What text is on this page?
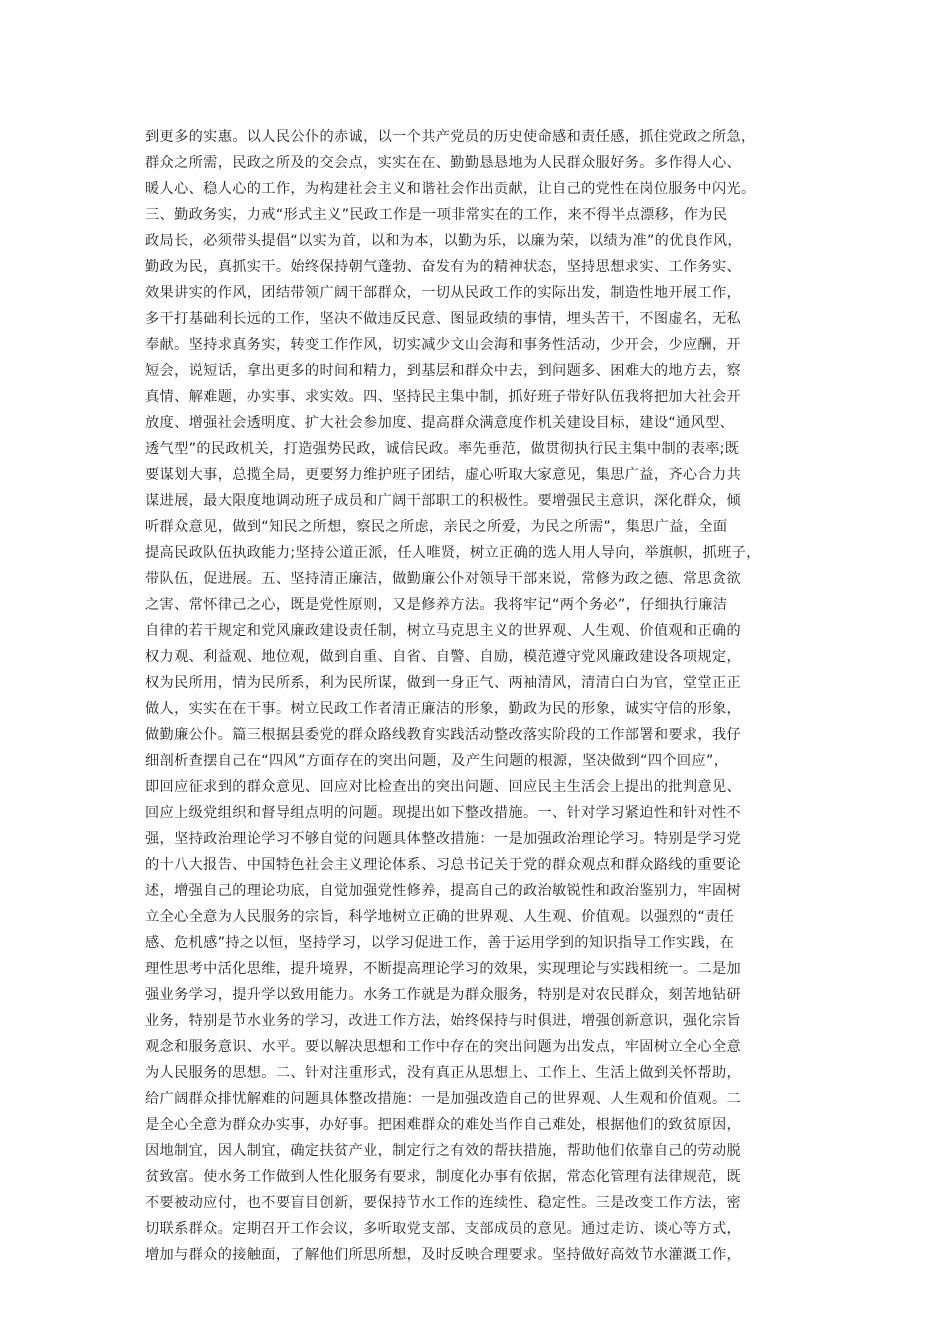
到更多的实惠。以人民公仆的赤诚，以一个共产党员的历史使命感和责任感，抓住党政之所急，
群众之所需，民政之所及的交会点，实实在在、勤勤恳恳地为人民群众服好务。多作得人心、
暖人心、稳人心的工作，为构建社会主义和谐社会作出贡献，让自己的党性在岗位服务中闪光。
三、勤政务实，力戒“形式主义”民政工作是一项非常实在的工作，来不得半点漂移，作为民
政局长，必须带头提倡“以实为首，以和为本，以勤为乐，以廉为荣，以绩为准”的优良作风，
勤政为民，真抓实干。始终保持朝气蓬勃、奋发有为的精神状态，坚持思想求实、工作务实、
效果讲实的作风，团结带领广阔干部群众，一切从民政工作的实际出发，制造性地开展工作，
多干打基础利长远的工作，坚决不做违反民意、图显政绩的事情，埋头苦干，不图虚名，无私
奉献。坚持求真务实，转变工作作风，切实减少文山会海和事务性活动，少开会，少应酬，开
短会，说短话，拿出更多的时间和精力，到基层和群众中去，到问题多、困难大的地方去，察
真情、解难题，办实事、求实效。四、坚持民主集中制，抓好班子带好队伍我将把加大社会开
放度、增强社会透明度、扩大社会参加度、提高群众满意度作机关建设目标，建设“通风型、
透气型”的民政机关，打造强势民政，诚信民政。率先垂范，做贯彻执行民主集中制的表率;既
要谋划大事，总揽全局，更要努力维护班子团结，虚心听取大家意见，集思广益，齐心合力共
谋进展，最大限度地调动班子成员和广阔干部职工的积极性。要增强民主意识，深化群众，倾
听群众意见，做到“知民之所想，察民之所虑，亲民之所爱，为民之所需”，集思广益，全面
提高民政队伍执政能力;坚持公道正派，任人唯贤，树立正确的选人用人导向，举旗帜，抓班子，
带队伍，促进展。五、坚持清正廉洁，做勤廉公仆对领导干部来说，常修为政之德、常思贪欲
之害、常怀律己之心，既是党性原则，又是修养方法。我将牢记“两个务必”，仔细执行廉洁
自律的若干规定和党风廉政建设责任制，树立马克思主义的世界观、人生观、价值观和正确的
权力观、利益观、地位观，做到自重、自省、自警、自励，模范遵守党风廉政建设各项规定，
权为民所用，情为民所系，利为民所谋，做到一身正气、两袖清风，清清白白为官，堂堂正正
做人，实实在在干事。树立民政工作者清正廉洁的形象，勤政为民的形象，诚实守信的形象，
做勤廉公仆。篇三根据县委党的群众路线教育实践活动整改落实阶段的工作部署和要求，我仔
细剖析查摆自己在“四风”方面存在的突出问题，及产生问题的根源，坚决做到“四个回应”，
即回应征求到的群众意见、回应对比检查出的突出问题、回应民主生活会上提出的批判意见、
回应上级党组织和督导组点明的问题。现提出如下整改措施。一、针对学习紧迫性和针对性不
强，坚持政治理论学习不够自觉的问题具体整改措施：一是加强政治理论学习。特别是学习党
的十八大报告、中国特色社会主义理论体系、习总书记关于党的群众观点和群众路线的重要论
述，增强自己的理论功底，自觉加强党性修养，提高自己的政治敏锐性和政治鉴别力，牢固树
立全心全意为人民服务的宗旨，科学地树立正确的世界观、人生观、价值观。以强烈的“责任
感、危机感”持之以恒，坚持学习，以学习促进工作，善于运用学到的知识指导工作实践，在
理性思考中活化思维，提升境界，不断提高理论学习的效果，实现理论与实践相统一。二是加
强业务学习，提升学以致用能力。水务工作就是为群众服务，特别是对农民群众，刻苦地钻研
业务，特别是节水业务的学习，改进工作方法，始终保持与时俱进，增强创新意识，强化宗旨
观念和服务意识、水平。要以解决思想和工作中存在的突出问题为出发点，牢固树立全心全意
为人民服务的思想。二、针对注重形式，没有真正从思想上、工作上、生活上做到关怀帮助，
给广阔群众排忧解难的问题具体整改措施：一是加强改造自己的世界观、人生观和价值观。二
是全心全意为群众办实事，办好事。把困难群众的难处当作自己难处，根据他们的致贫原因，
因地制宜，因人制宜，确定扶贫产业，制定行之有效的帮扶措施，帮助他们依靠自己的劳动脱
贫致富。使水务工作做到人性化服务有要求，制度化办事有依据，常态化管理有法律规范，既
不要被动应付，也不要盲目创新，要保持节水工作的连续性、稳定性。三是改变工作方法，密
切联系群众。定期召开工作会议，多听取党支部、支部成员的意见。通过走访、谈心等方式，
增加与群众的接触面，了解他们所思所想，及时反映合理要求。坚持做好高效节水灌溉工作，
